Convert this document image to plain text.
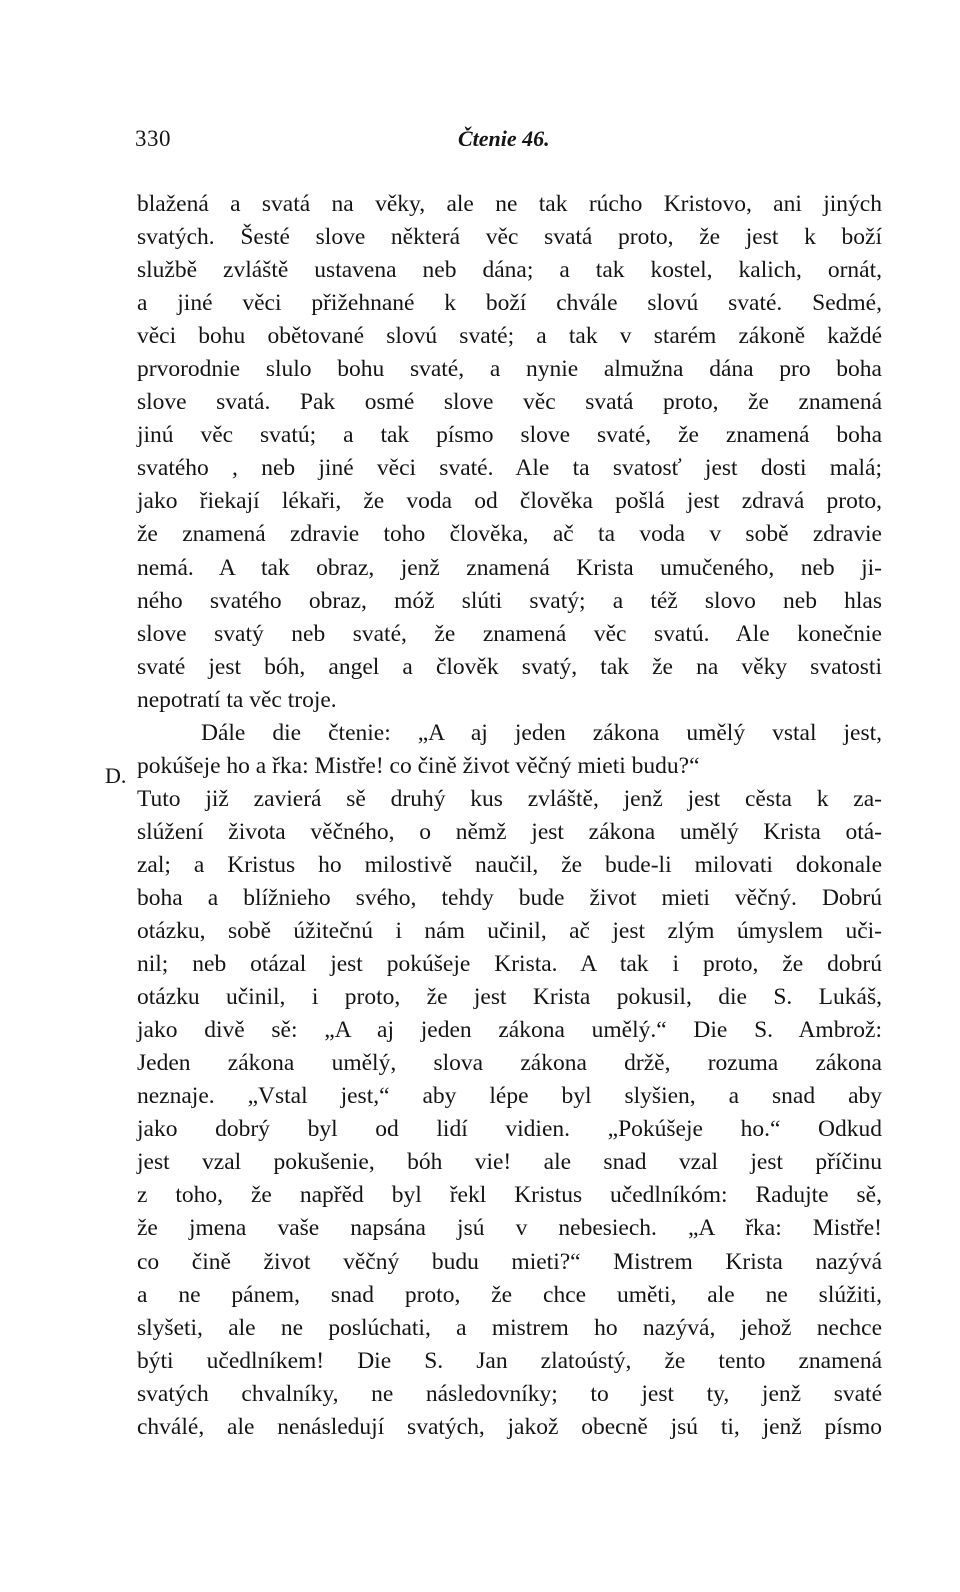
330	Čtenie 46.
D.
blažená a svatá na věky, ale ne tak rúcho Kristovo, ani jiných
svatých. Šesté slove některá věc svatá proto, že jest k boží
službě zvláště ustavena neb dána; a tak kostel, kalich, ornát,
a jiné věci přižehnané k boží chvále slovú svaté. Sedmé,
věci bohu obětované slovú svaté; a tak v starém zákoně každé
prvorodnie slulo bohu svaté, a nynie almužna dána pro boha
slove svatá. Pak osmé slove věc svatá proto, že znamená
jinú věc svatú; a tak písmo slove svaté, že znamená boha
svatého , neb jiné věci svaté. Ale ta svatosť jest dosti malá;
jako řiekají lékaři, že voda od člověka pošlá jest zdravá proto,
že znamená zdravie toho člověka, ač ta voda v sobě zdravie
nemá. A tak obraz, jenž znamená Krista umučeného, neb ji-
ného svatého obraz, móž slúti svatý; a též slovo neb hlas
slove svatý neb svaté, že znamená věc svatú. Ale konečnie
svaté jest bóh, angel a člověk svatý, tak že na věky svatosti
nepotratí ta věc troje.
Dále die čtenie: „A aj jeden zákona umělý vstal jest,
pokúšeje ho a řka: Mistře! co čině život věčný mieti budu?“
Tuto již zavierá sě druhý kus zvláště, jenž jest cěsta k za-
slúžení života věčného, o němž jest zákona umělý Krista otá-
zal; a Kristus ho milostivě naučil, že bude-li milovati dokonale
boha a blížnieho svého, tehdy bude život mieti věčný. Dobrú
otázku, sobě úžitečnú i nám učinil, ač jest zlým úmyslem uči-
nil; neb otázal jest pokúšeje Krista. A tak i proto, že dobrú
otázku učinil, i proto, že jest Krista pokusil, die S. Lukáš,
jako divě sě: „A aj jeden zákona umělý.“ Die S. Ambrož:
Jeden zákona umělý, slova zákona držě, rozuma zákona
neznaje. „Vstal jest,“ aby lépe byl slyšien, a snad aby
jako dobrý byl od lidí vidien. „Pokúšeje ho.“ Odkud
jest vzal pokušenie, bóh vie! ale snad vzal jest příčinu
z toho, že napřěd byl řekl Kristus učedlníkóm: Radujte sě,
že jmena vaše napsána jsú v nebesiech. „A řka: Mistře!
co čině život věčný budu mieti?“ Mistrem Krista nazývá
a ne pánem, snad proto, že chce uměti, ale ne slúžiti,
slyšeti, ale ne poslúchati, a mistrem ho nazývá, jehož nechce
býti učedlníkem! Die S. Jan zlatoústý, že tento znamená
svatých chvalníky, ne následovníky; to jest ty, jenž svaté
chválé, ale nenásledují svatých, jakož obecně jsú ti, jenž písmo
